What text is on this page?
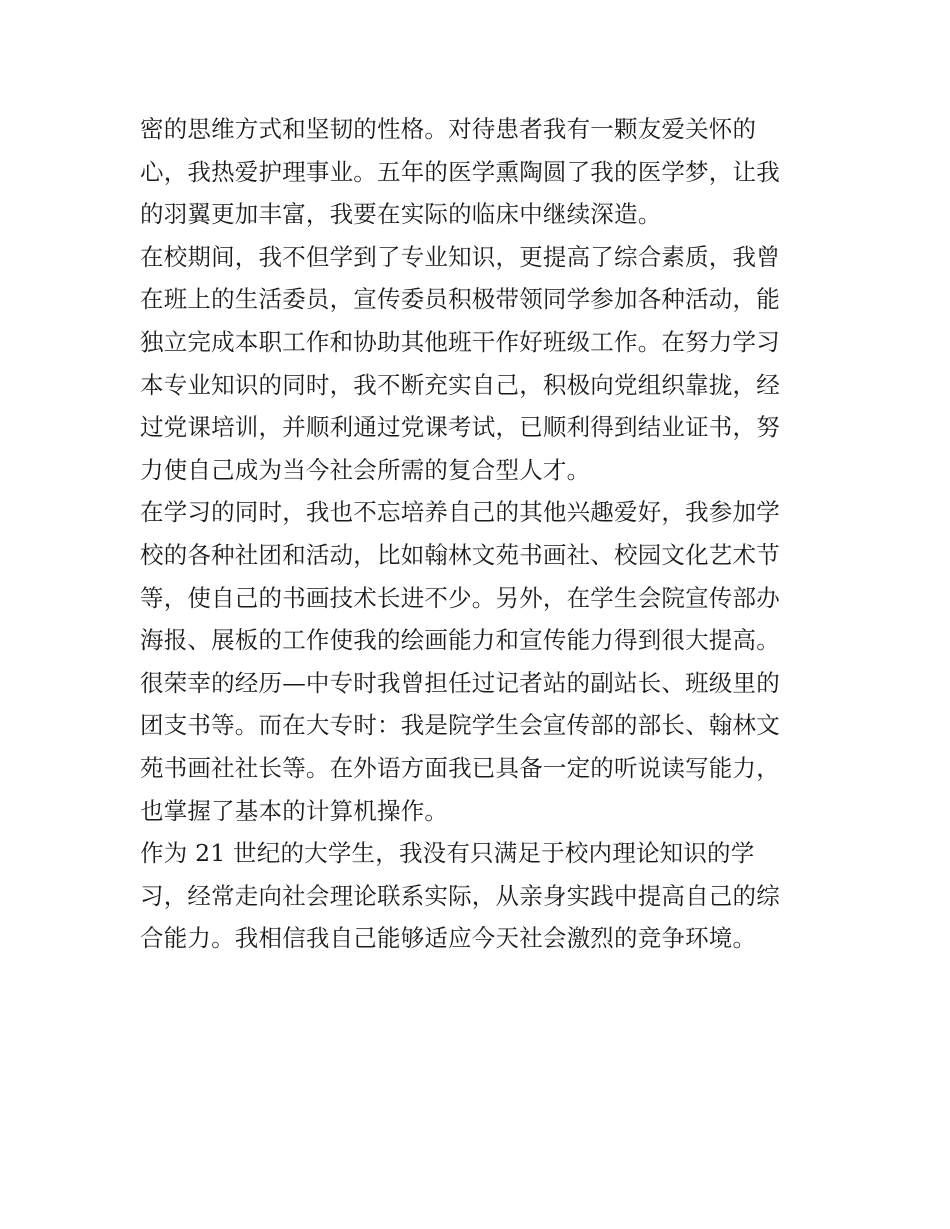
密的思维方式和坚韧的性格。对待患者我有一颗友爱关怀的
心，我热爱护理事业。五年的医学熏陶圆了我的医学梦，让我
的羽翼更加丰富，我要在实际的临床中继续深造。
在校期间，我不但学到了专业知识，更提高了综合素质，我曾
在班上的生活委员，宣传委员积极带领同学参加各种活动，能
独立完成本职工作和协助其他班干作好班级工作。在努力学习
本专业知识的同时，我不断充实自己，积极向党组织靠拢，经
过党课培训，并顺利通过党课考试，已顺利得到结业证书，努
力使自己成为当今社会所需的复合型人才。
在学习的同时，我也不忘培养自己的其他兴趣爱好，我参加学
校的各种社团和活动，比如翰林文苑书画社、校园文化艺术节
等，使自己的书画技术长进不少。另外，在学生会院宣传部办
海报、展板的工作使我的绘画能力和宣传能力得到很大提高。
很荣幸的经历—中专时我曾担任过记者站的副站长、班级里的
团支书等。而在大专时：我是院学生会宣传部的部长、翰林文
苑书画社社长等。在外语方面我已具备一定的听说读写能力，
也掌握了基本的计算机操作。
作为 21 世纪的大学生，我没有只满足于校内理论知识的学
习，经常走向社会理论联系实际，从亲身实践中提高自己的综
合能力。我相信我自己能够适应今天社会激烈的竞争环境。
